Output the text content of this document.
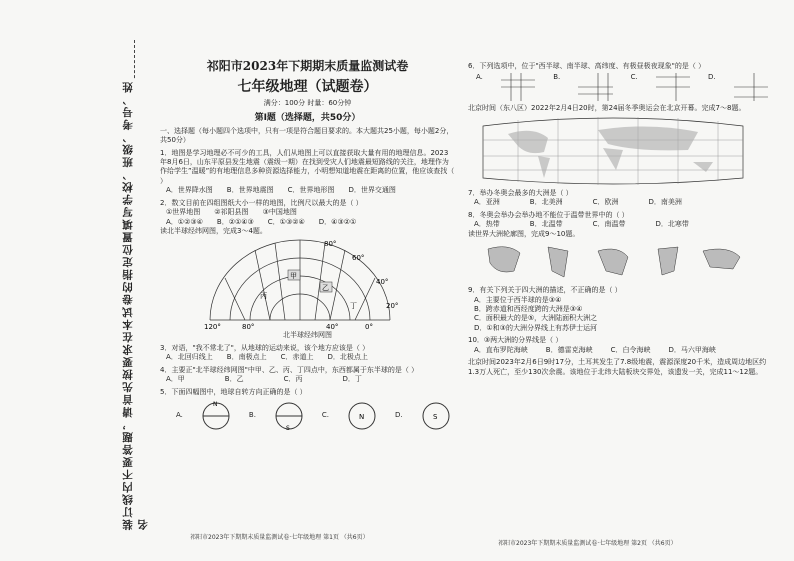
装订线内不要答题，请首先按要求在本试卷的指定位置填写学校、班级、考号、姓名
祁阳市2023年下期期末质量监测试卷
七年级地理（试题卷）
满分：100分 时量：60分钟
第Ⅰ题（选择题，共50分）
一、选择题（每小题四个选项中，只有一项是符合题目要求的。本大题共25小题，每小题2分，共50分）
1．地图是学习地理必不可少的工具，人们从地图上可以直接获取大量有用的地理信息。2023年8月6日，山东平原县发生地震（震级一期）在找到受灾人们地震最短路线的关注，地理作为作给学生”温暖”的有地理信息多种资源选择能力，小明想知道地震在距离的位置，他应该查找（ ）
A．世界降水图 B．世界地震图 C．世界地形图 D．世界交通图
2．数文目前在四组图纸大小一样的地图，比例尺以最大的是（ ）
①世界地图 ②祁阳县图 ③中国地图
A．①②③④ B．②①④③ C．①③②④ D．④③②①
读北半球经纬网图，完成3～4题。
80°
60°
40°
20°
120°	80°	40°	0°
甲
乙
丙
丁
北半球经纬网图
3．对语，"我不常北了"，从地球的运动来说，该个地方应该是（ ）
A．北回归线上 B．南极点上 C．赤道上 D．北极点上
4．主要正"北半球经纬网图"中甲、乙、丙、丁四点中，东西都属于东半球的是（ ）
A．甲	B．乙	C．丙	D．丁
5．下面四幅图中，地球自转方向正确的是（ ）
A.
N
B.
S
C.	N	D.	S
祁阳市2023年下期期末质量监测试卷·七年级地理 第1页 （共6页）
6．下列选项中，位于"西半球、南半球、高纬度、有极昼极夜现象"的是（ ）
A.	B.	C.	D.
北京时间（东八区）2022年2月4日20时，第24届冬季奥运会在北京开幕。完成7～8题。
7．举办冬奥会最多的大洲是（ ）
A．亚洲	B．北美洲	C．欧洲	D．南美洲
8．冬奥会举办会举办地不能位于温带世界中的（ ）
A．热带	B．北温带	C．南温带	D．北寒带
读世界大洲轮廓图，完成9～10题。
9．有关下列关于四大洲的描述，不正确的是（ ）
A．主要位于西半球的是③④
B．跨赤道和西经度跨的大洲是③④
C．面积最大的是⑤，大洲陆面积大洲之
D．①和③的大洲分界线上有苏伊士运河
10．③两大洲的分界线是（ ）
A．直布罗陀海峡	B．德雷克海峡	C．白令海峡	D．马六甲海峡
北京时间2023年2月6日9时17分，土耳其发生了7.8级地震，震源深度20千米，造成周边地区约1.3万人死亡，至少130次余震。该地位于北纬大陆板块交界处，该遗发一关，完成11～12题。
祁阳市2023年下期期末质量监测试卷·七年级地理 第2页 （共6页）
